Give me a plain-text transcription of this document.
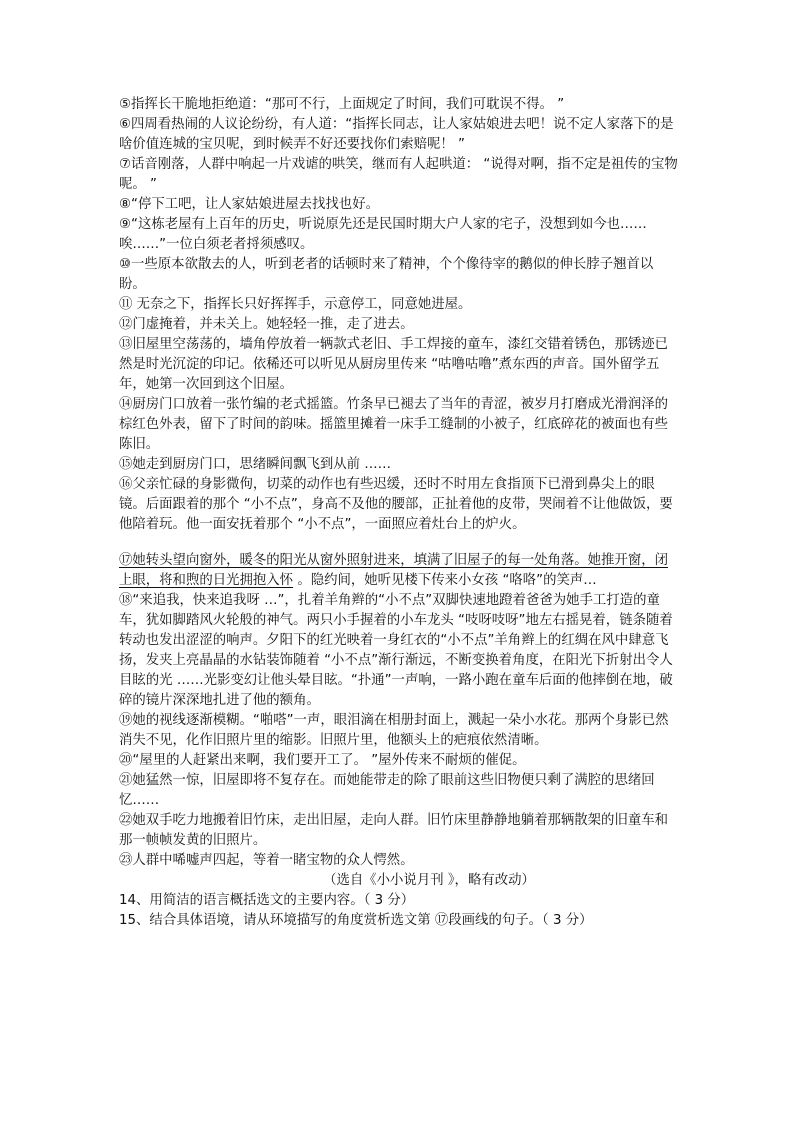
⑤指挥长干脆地拒绝道：“那可不行，上面规定了时间，我们可耽误不得。 ”

⑥四周看热闹的人议论纷纷，有人道：“指挥长同志，让人家姑娘进去吧！说不定人家落下的是啥价值连城的宝贝呢，到时候弄不好还要找你们索赔呢！ ”

⑦话音刚落，人群中响起一片戏谑的哄笑，继而有人起哄道： “说得对啊，指不定是祖传的宝物呢。 ”

⑧“停下工吧，让人家姑娘进屋去找找也好。

⑨“这栋老屋有上百年的历史，听说原先还是民国时期大户人家的宅子，没想到如今也……唉……”一位白须老者捋须感叹。

⑩一些原本欲散去的人，听到老者的话顿时来了精神，个个像待宰的鹅似的伸长脖子翘首以盼。

⑪ 无奈之下，指挥长只好挥挥手，示意停工，同意她进屋。

⑫门虚掩着，并未关上。她轻轻一推，走了进去。

⑬旧屋里空荡荡的，墙角停放着一辆款式老旧、手工焊接的童车，漆红交错着锈色，那锈迹已然是时光沉淀的印记。依稀还可以听见从厨房里传来 “咕噜咕噜”煮东西的声音。国外留学五年，她第一次回到这个旧屋。

⑭厨房门口放着一张竹编的老式摇篮。竹条早已褪去了当年的青涩，被岁月打磨成光滑润泽的棕红色外表，留下了时间的韵味。摇篮里摊着一床手工缝制的小被子，红底碎花的被面也有些陈旧。

⑮她走到厨房门口，思绪瞬间飘飞到从前 ……

⑯父亲忙碌的身影微佝，切菜的动作也有些迟缓，还时不时用左食指顶下已滑到鼻尖上的眼镜。后面跟着的那个 “小不点”，身高不及他的腰部，正扯着他的皮带，哭闹着不让他做饭，要他陪着玩。他一面安抚着那个 “小不点”，一面照应着灶台上的炉火。

⑰她转头望向窗外，暖冬的阳光从窗外照射进来，填满了旧屋子的每一处角落。她推开窗，闭上眼，将和煦的日光拥抱入怀 。隐约间，她听见楼下传来小女孩 “咯咯”的笑声…

⑱“来追我，快来追我呀 …”，扎着羊角辫的“小不点”双脚快速地蹬着爸爸为她手工打造的童车，犹如脚踏风火轮般的神气。两只小手握着的小车龙头 “吱呀吱呀”地左右摇晃着，链条随着转动也发出涩涩的响声。夕阳下的红光映着一身红衣的“小不点”羊角辫上的红绸在风中肆意飞扬，发夹上亮晶晶的水钻装饰随着 “小不点”渐行渐远，不断变换着角度，在阳光下折射出令人目眩的光 ……光影变幻让他头晕目眩。“扑通”一声响，一路小跑在童车后面的他摔倒在地，破碎的镜片深深地扎进了他的额角。

⑲她的视线逐渐模糊。“啪嗒”一声，眼泪滴在相册封面上，溅起一朵小水花。那两个身影已然消失不见，化作旧照片里的缩影。旧照片里，他额头上的疤痕依然清晰。

⑳“屋里的人赶紧出来啊，我们要开工了。 ”屋外传来不耐烦的催促。

㉑她猛然一惊，旧屋即将不复存在。而她能带走的除了眼前这些旧物便只剩了满腔的思绪回忆……

㉒她双手吃力地搬着旧竹床，走出旧屋，走向人群。旧竹床里静静地躺着那辆散架的旧童车和那一帧帧发黄的旧照片。

㉓人群中唏嘘声四起，等着一睹宝物的众人愕然。

（选自《小小说月刊 》，略有改动）

14、用简洁的语言概括选文的主要内容。（ 3 分）

15、结合具体语境，请从环境描写的角度赏析选文第 ⑰段画线的句子。（ 3 分）
